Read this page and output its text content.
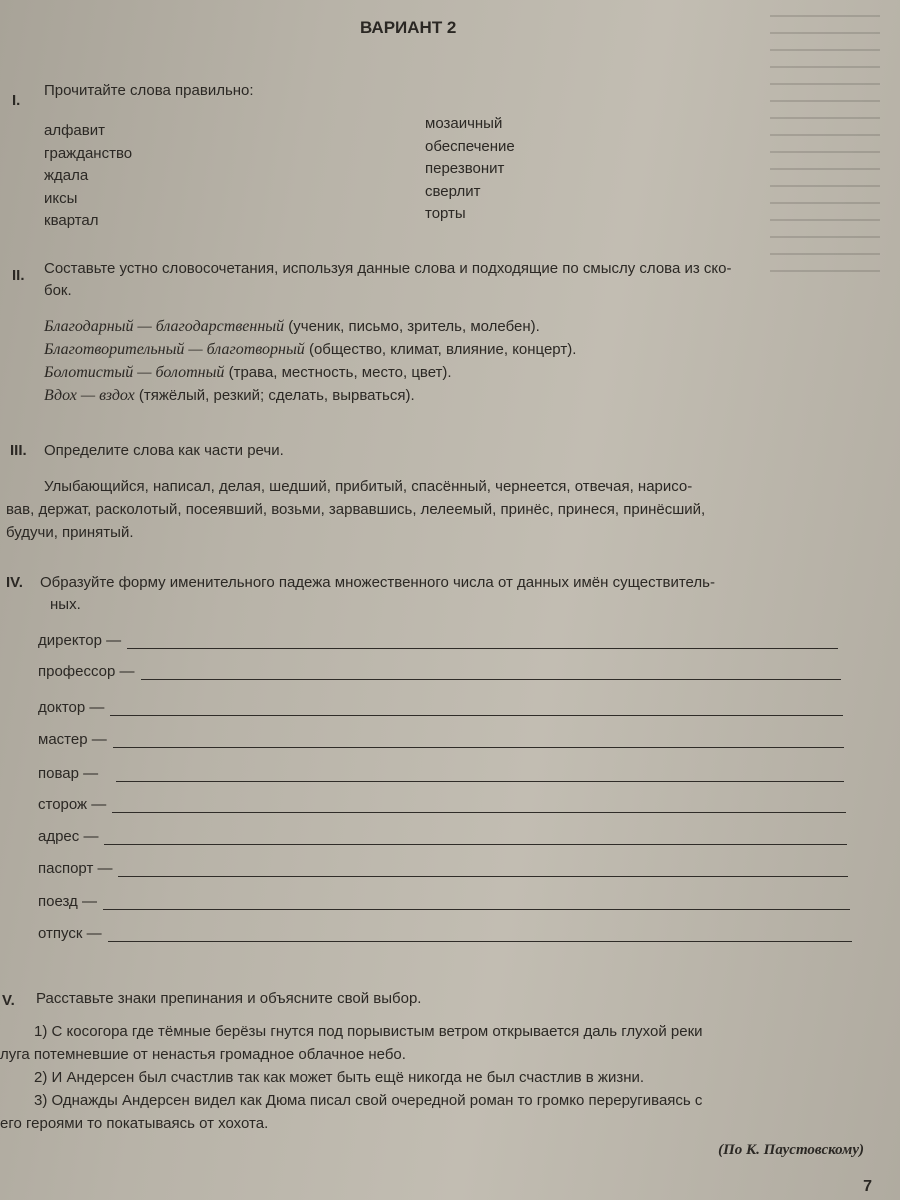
ВАРИАНТ 2
I.
Прочитайте слова правильно:
алфавит
гражданство
ждала
иксы
квартал
мозаичный
обеспечение
перезвонит
сверлит
торты
II. Составьте устно словосочетания, используя данные слова и подходящие по смыслу слова из ско-
бок.
Благодарный — благодарственный (ученик, письмо, зритель, молебен).
Благотворительный — благотворный (общество, климат, влияние, концерт).
Болотистый — болотный (трава, местность, место, цвет).
Вдох — вздох (тяжёлый, резкий; сделать, вырваться).
III. Определите слова как части речи.
Улыбающийся, написал, делая, шедший, прибитый, спасённый, чернеется, отвечая, нарисо-
вав, держат, расколотый, посеявший, возьми, зарвавшись, лелеемый, принёс, принеся, принёсший,
будучи, принятый.
IV. Образуйте форму именительного падежа множественного числа от данных имён существитель-
ных.
директор —
профессор —
доктор —
мастер —
повар —
сторож —
адрес —
паспорт —
поезд —
отпуск —
V. Расставьте знаки препинания и объясните свой выбор.
1) С косогора где тёмные берёзы гнутся под порывистым ветром открывается даль глухой реки
луга потемневшие от ненастья громадное облачное небо.
2) И Андерсен был счастлив так как может быть ещё никогда не был счастлив в жизни.
3) Однажды Андерсен видел как Дюма писал свой очередной роман то громко переругиваясь с
его героями то покатываясь от хохота.
(По К. Паустовскому)
7
